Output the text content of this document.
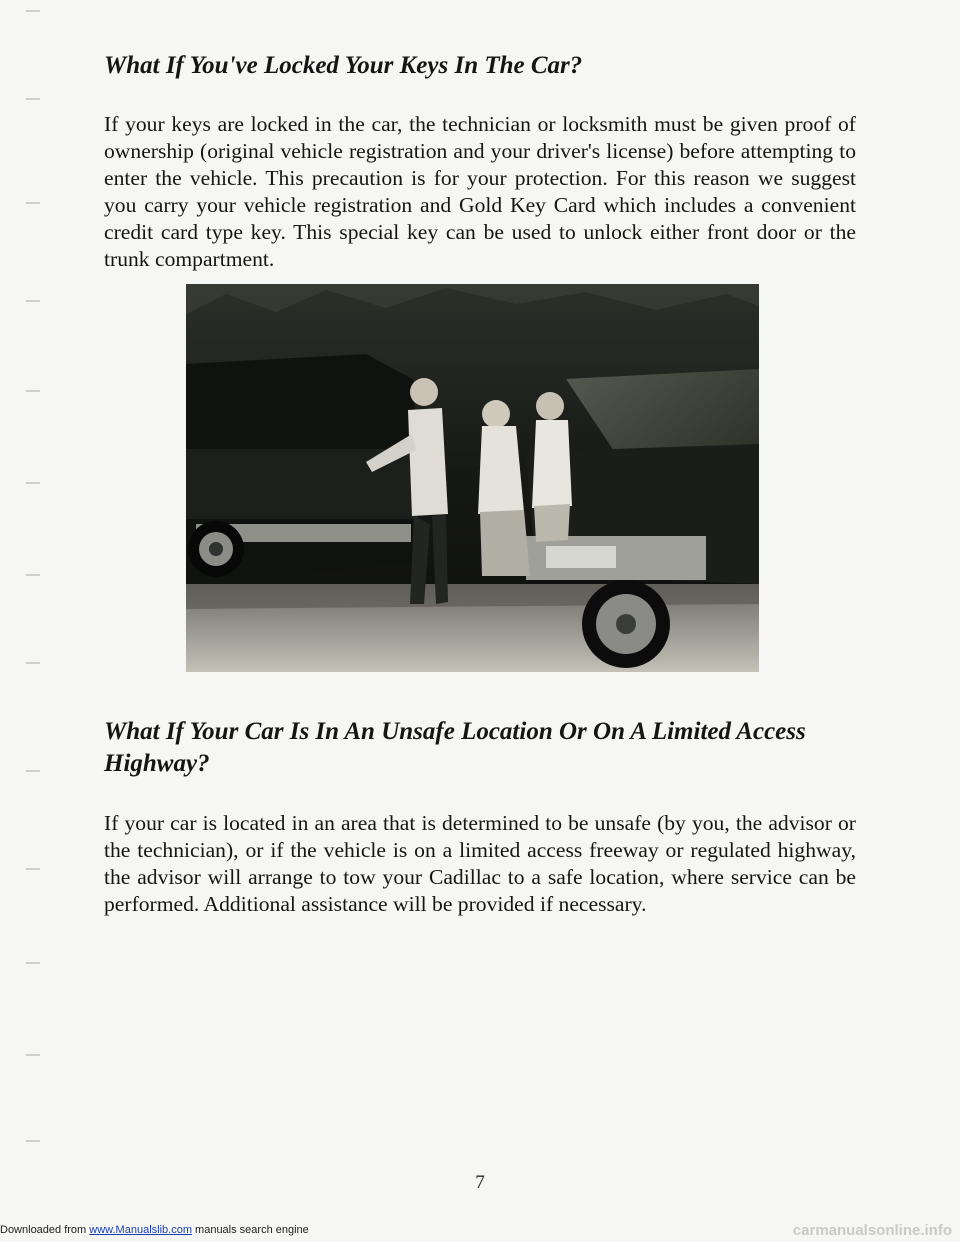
What If You've Locked Your Keys In The Car?

If your keys are locked in the car, the technician or locksmith must be given proof of ownership (original vehicle registration and your driver's license) before attempting to enter the vehicle. This precaution is for your protection. For this reason we suggest you carry your vehicle registration and Gold Key Card which includes a convenient credit card type key. This special key can be used to unlock either front door or the trunk compartment.

What If Your Car Is In An Unsafe Location Or On A Limited Access Highway?

If your car is located in an area that is determined to be unsafe (by you, the advisor or the technician), or if the vehicle is on a limited access freeway or regulated highway, the advisor will arrange to tow your Cadillac to a safe location, where service can be performed. Additional assistance will be provided if necessary.

7
Downloaded from www.Manualslib.com manuals search engine	carmanualsonline.info
